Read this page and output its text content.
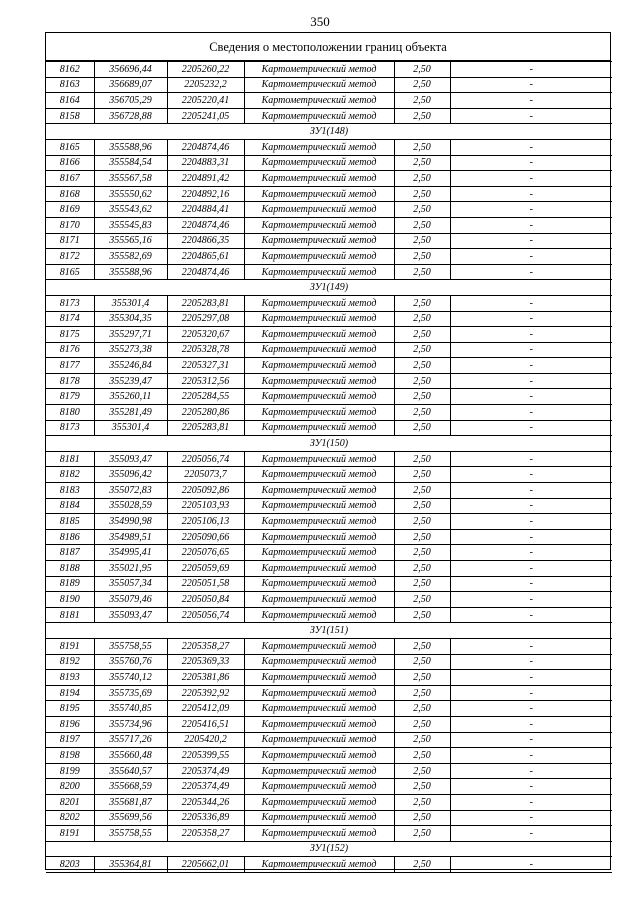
350
Сведения о местоположении границ объекта
8162	356696,44	2205260,22	Картометрический метод	2,50	-
8163	356689,07	2205232,2	Картометрический метод	2,50	-
8164	356705,29	2205220,41	Картометрический метод	2,50	-
8158	356728,88	2205241,05	Картометрический метод	2,50	-
ЗУ1(148)					
8165	355588,96	2204874,46	Картометрический метод	2,50	-
8166	355584,54	2204883,31	Картометрический метод	2,50	-
8167	355567,58	2204891,42	Картометрический метод	2,50	-
8168	355550,62	2204892,16	Картометрический метод	2,50	-
8169	355543,62	2204884,41	Картометрический метод	2,50	-
8170	355545,83	2204874,46	Картометрический метод	2,50	-
8171	355565,16	2204866,35	Картометрический метод	2,50	-
8172	355582,69	2204865,61	Картометрический метод	2,50	-
8165	355588,96	2204874,46	Картометрический метод	2,50	-
ЗУ1(149)					
8173	355301,4	2205283,81	Картометрический метод	2,50	-
8174	355304,35	2205297,08	Картометрический метод	2,50	-
8175	355297,71	2205320,67	Картометрический метод	2,50	-
8176	355273,38	2205328,78	Картометрический метод	2,50	-
8177	355246,84	2205327,31	Картометрический метод	2,50	-
8178	355239,47	2205312,56	Картометрический метод	2,50	-
8179	355260,11	2205284,55	Картометрический метод	2,50	-
8180	355281,49	2205280,86	Картометрический метод	2,50	-
8173	355301,4	2205283,81	Картометрический метод	2,50	-
ЗУ1(150)					
8181	355093,47	2205056,74	Картометрический метод	2,50	-
8182	355096,42	2205073,7	Картометрический метод	2,50	-
8183	355072,83	2205092,86	Картометрический метод	2,50	-
8184	355028,59	2205103,93	Картометрический метод	2,50	-
8185	354990,98	2205106,13	Картометрический метод	2,50	-
8186	354989,51	2205090,66	Картометрический метод	2,50	-
8187	354995,41	2205076,65	Картометрический метод	2,50	-
8188	355021,95	2205059,69	Картометрический метод	2,50	-
8189	355057,34	2205051,58	Картометрический метод	2,50	-
8190	355079,46	2205050,84	Картометрический метод	2,50	-
8181	355093,47	2205056,74	Картометрический метод	2,50	-
ЗУ1(151)					
8191	355758,55	2205358,27	Картометрический метод	2,50	-
8192	355760,76	2205369,33	Картометрический метод	2,50	-
8193	355740,12	2205381,86	Картометрический метод	2,50	-
8194	355735,69	2205392,92	Картометрический метод	2,50	-
8195	355740,85	2205412,09	Картометрический метод	2,50	-
8196	355734,96	2205416,51	Картометрический метод	2,50	-
8197	355717,26	2205420,2	Картометрический метод	2,50	-
8198	355660,48	2205399,55	Картометрический метод	2,50	-
8199	355640,57	2205374,49	Картометрический метод	2,50	-
8200	355668,59	2205374,49	Картометрический метод	2,50	-
8201	355681,87	2205344,26	Картометрический метод	2,50	-
8202	355699,56	2205336,89	Картометрический метод	2,50	-
8191	355758,55	2205358,27	Картометрический метод	2,50	-
ЗУ1(152)					
8203	355364,81	2205662,01	Картометрический метод	2,50	-
